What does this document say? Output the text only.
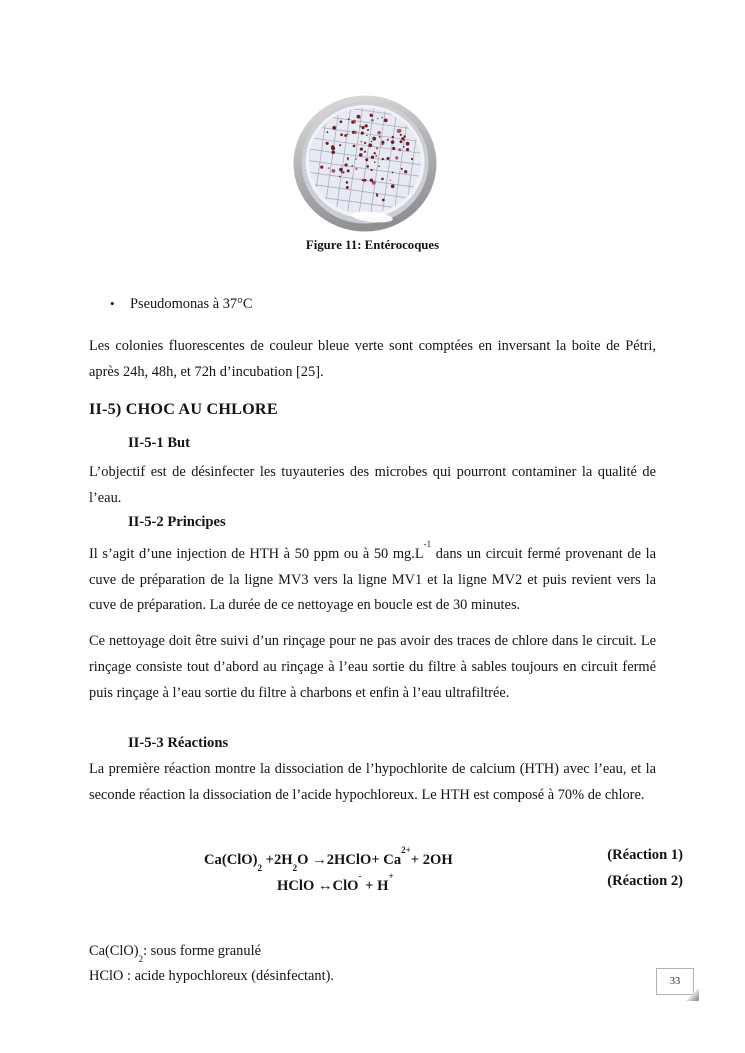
Figure 11: Entérocoques
• Pseudomonas à 37°C

Les colonies fluorescentes de couleur bleue verte sont comptées en inversant la boite de Pétri, après 24h, 48h, et 72h d’incubation [25].

II-5) CHOC AU CHLORE
II-5-1 But

L’objectif est de désinfecter les tuyauteries des microbes qui pourront contaminer la qualité de l’eau.

II-5-2 Principes

Il s’agit d’une injection de HTH à 50 ppm ou à 50 $mg.L^{-1}$ dans un circuit fermé provenant de la cuve de préparation de la ligne MV3 vers la ligne MV1 et la ligne MV2 et puis revient vers la cuve de préparation. La durée de ce nettoyage en boucle est de 30 minutes.

Ce nettoyage doit être suivi d’un rinçage pour ne pas avoir des traces de chlore dans le circuit. Le rinçage consiste tout d’abord au rinçage à l’eau sortie du filtre à sables toujours en circuit fermé puis rinçage à l’eau sortie du filtre à charbons et enfin à l’eau ultrafiltrée.

II-5-3 Réactions

La première réaction montre la dissociation de l’hypochlorite de calcium (HTH) avec l’eau, et la seconde réaction la dissociation de l’acide hypochloreux. Le HTH est composé à 70% de chlore.

$Ca(ClO)_2 +2H_2O$ →2HClO+ $Ca^{2+}+ 2OH$	(Réaction 1)
HClO ↔ClO- + H+	(Réaction 2)

$Ca(ClO)_2$: sous forme granulé

HClO : acide hypochloreux (désinfectant).	33
